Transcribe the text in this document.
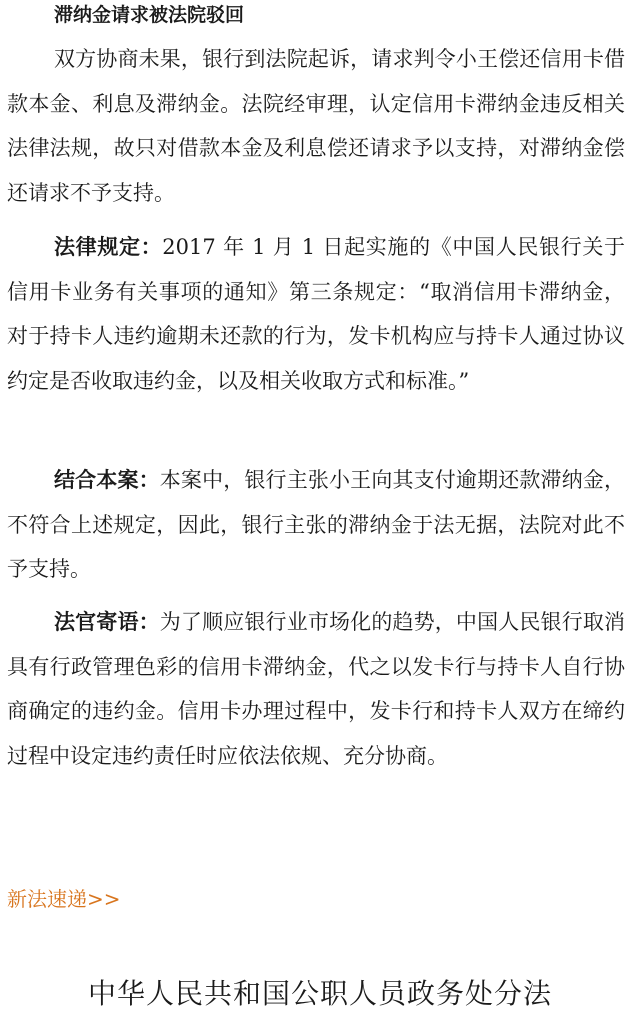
滞纳金请求被法院驳回

双方协商未果，银行到法院起诉，请求判令小王偿还信用卡借款本金、利息及滞纳金。法院经审理，认定信用卡滞纳金违反相关法律法规，故只对借款本金及利息偿还请求予以支持，对滞纳金偿还请求不予支持。

法律规定：2017 年 1 月 1 日起实施的《中国人民银行关于信用卡业务有关事项的通知》第三条规定：“取消信用卡滞纳金，对于持卡人违约逾期未还款的行为，发卡机构应与持卡人通过协议约定是否收取违约金，以及相关收取方式和标准。”

结合本案：本案中，银行主张小王向其支付逾期还款滞纳金，不符合上述规定，因此，银行主张的滞纳金于法无据，法院对此不予支持。

法官寄语：为了顺应银行业市场化的趋势，中国人民银行取消具有行政管理色彩的信用卡滞纳金，代之以发卡行与持卡人自行协商确定的违约金。信用卡办理过程中，发卡行和持卡人双方在缔约过程中设定违约责任时应依法依规、充分协商。

新法速递>>

中华人民共和国公职人员政务处分法
